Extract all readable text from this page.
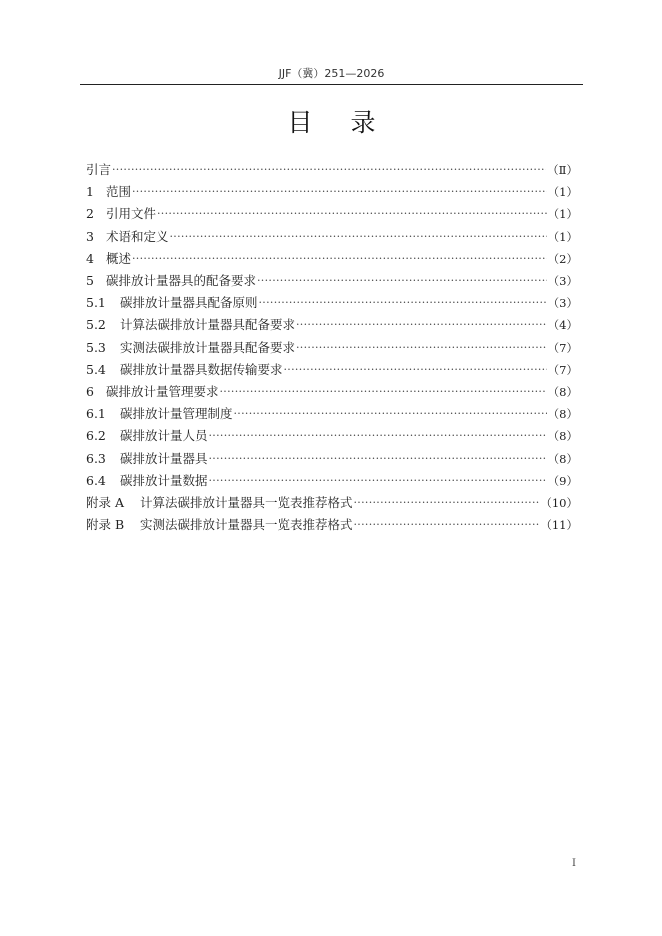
JJF（冀）251—2026
目录
引言 ·····	（Ⅱ）
1 范围 ·····	（1）
2 引用文件 ·····	（1）
3 术语和定义 ·····	（1）
4 概述 ·····	（2）
5 碳排放计量器具的配备要求 ·····	（3）
5.1	碳排放计量器具配备原则 ·····	（3）
5.2	计算法碳排放计量器具配备要求 ·····	（4）
5.3	实测法碳排放计量器具配备要求 ·····	（7）
5.4	碳排放计量器具数据传输要求 ·····	（7）
6 碳排放计量管理要求 ·····	（8）
6.1	碳排放计量管理制度 ·····	（8）
6.2	碳排放计量人员 ·····	（8）
6.3	碳排放计量器具 ·····	（8）
6.4	碳排放计量数据 ·····	（9）
附录 A	计算法碳排放计量器具一览表推荐格式 ·····	（10）
附录 B	实测法碳排放计量器具一览表推荐格式 ·····	（11）
I
